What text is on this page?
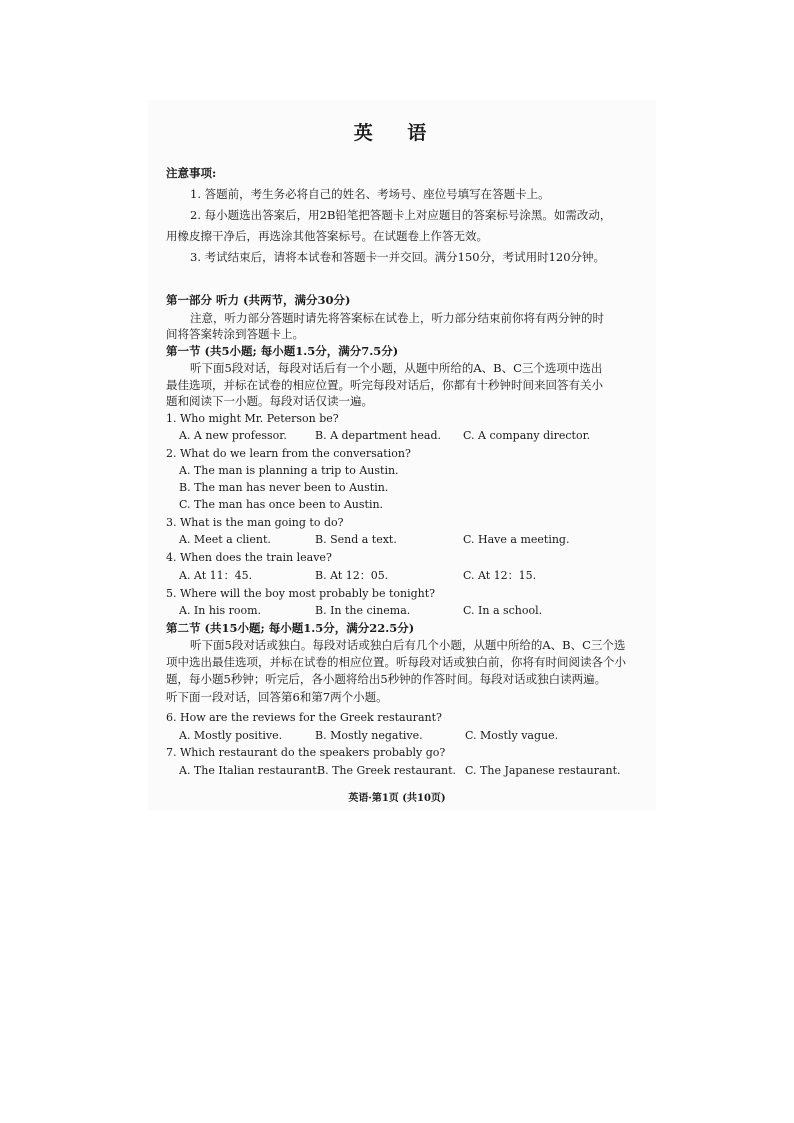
英 语
注意事项:
1. 答题前，考生务必将自己的姓名、考场号、座位号填写在答题卡上。
2. 每小题选出答案后，用2B铅笔把答题卡上对应题目的答案标号涂黑。如需改动，
用橡皮擦干净后，再选涂其他答案标号。在试题卷上作答无效。
3. 考试结束后，请将本试卷和答题卡一并交回。满分150分，考试用时120分钟。
第一部分 听力 (共两节，满分30分)
注意，听力部分答题时请先将答案标在试卷上，听力部分结束前你将有两分钟的时
间将答案转涂到答题卡上。
第一节 (共5小题; 每小题1.5分，满分7.5分)
听下面5段对话，每段对话后有一个小题，从题中所给的A、B、C三个选项中选出
最佳选项，并标在试卷的相应位置。听完每段对话后，你都有十秒钟时间来回答有关小
题和阅读下一小题。每段对话仅读一遍。
1. Who might Mr. Peterson be?
A. A new professor.	B. A department head. C. A company director.
2. What do we learn from the conversation?
A. The man is planning a trip to Austin.
B. The man has never been to Austin.
C. The man has once been to Austin.
3. What is the man going to do?
A. Meet a client.	B. Send a text.	C. Have a meeting.
4. When does the train leave?
A. At 11：45.	B. At 12：05.	C. At 12：15.
5. Where will the boy most probably be tonight?
A. In his room.	B. In the cinema.	C. In a school.
第二节 (共15小题; 每小题1.5分，满分22.5分)
听下面5段对话或独白。每段对话或独白后有几个小题，从题中所给的A、B、C三个选
项中选出最佳选项，并标在试卷的相应位置。听每段对话或独白前，你将有时间阅读各个小
题，每小题5秒钟；听完后，各小题将给出5秒钟的作答时间。每段对话或独白读两遍。
听下面一段对话，回答第6和第7两个小题。
6. How are the reviews for the Greek restaurant?
A. Mostly positive.	B. Mostly negative.	C. Mostly vague.
7. Which restaurant do the speakers probably go?
A. The Italian restaurant.
B. The Greek restaurant. C. The Japanese restaurant.
英语·第1页 (共10页)
